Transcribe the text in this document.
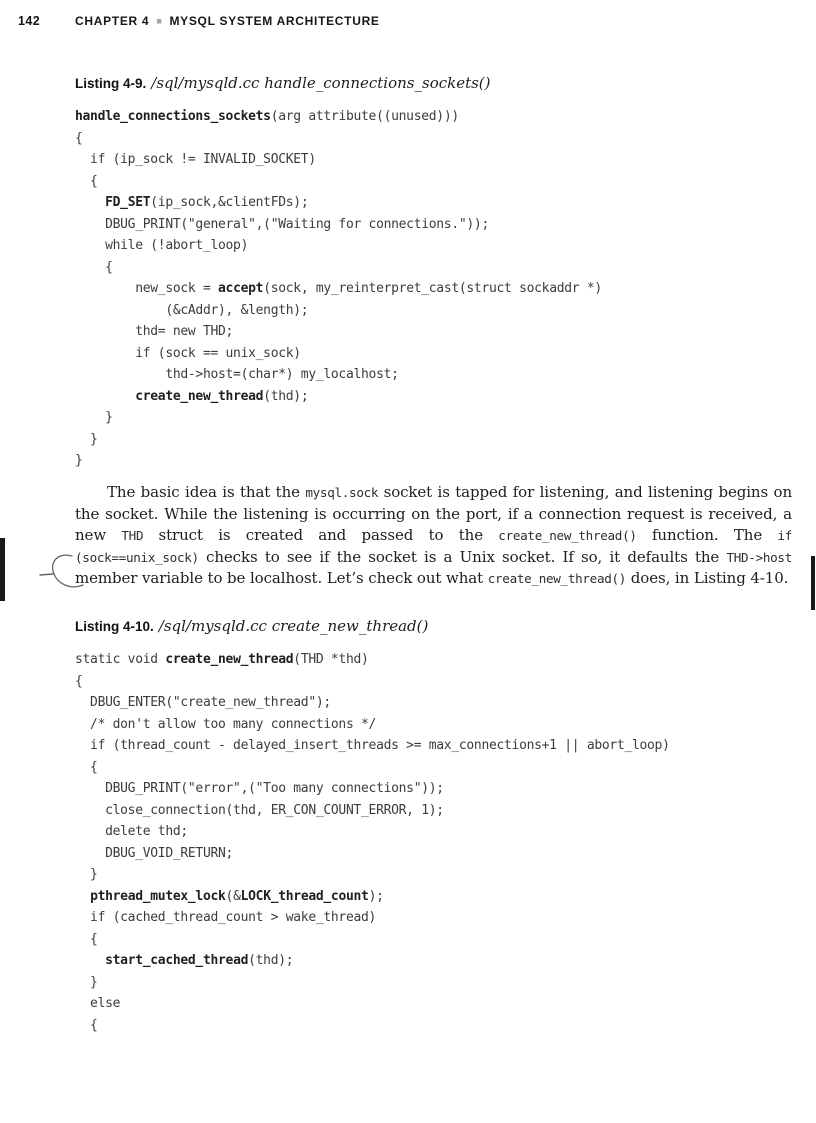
142	CHAPTER 4 ■ MYSQL SYSTEM ARCHITECTURE
Listing 4-9. /sql/mysqld.cc handle_connections_sockets()
handle_connections_sockets(arg attribute((unused)))
{
if (ip_sock != INVALID_SOCKET)
{
FD_SET(ip_sock,&clientFDs);
DBUG_PRINT("general",("Waiting for connections."));
while (!abort_loop)
{
new_sock = accept(sock, my_reinterpret_cast(struct sockaddr *)
(&cAddr), &length);
thd= new THD;
if (sock == unix_sock)
thd->host=(char*) my_localhost;
create_new_thread(thd);
}
}
}

The basic idea is that the mysql.sock socket is tapped for listening, and listening begins on the socket. While the listening is occurring on the port, if a connection request is received, a new THD struct is created and passed to the create_new_thread() function. The if (sock==unix_sock) checks to see if the socket is a Unix socket. If so, it defaults the THD->host member variable to be localhost. Let’s check out what create_new_thread() does, in Listing 4-10.

Listing 4-10. /sql/mysqld.cc create_new_thread()
static void create_new_thread(THD *thd)
{
DBUG_ENTER("create_new_thread");
/* don't allow too many connections */
if (thread_count - delayed_insert_threads >= max_connections+1 || abort_loop)
{
DBUG_PRINT("error",("Too many connections"));
close_connection(thd, ER_CON_COUNT_ERROR, 1);
delete thd;
DBUG_VOID_RETURN;
}
pthread_mutex_lock(&LOCK_thread_count);
if (cached_thread_count > wake_thread)
{
start_cached_thread(thd);
}
else
{
